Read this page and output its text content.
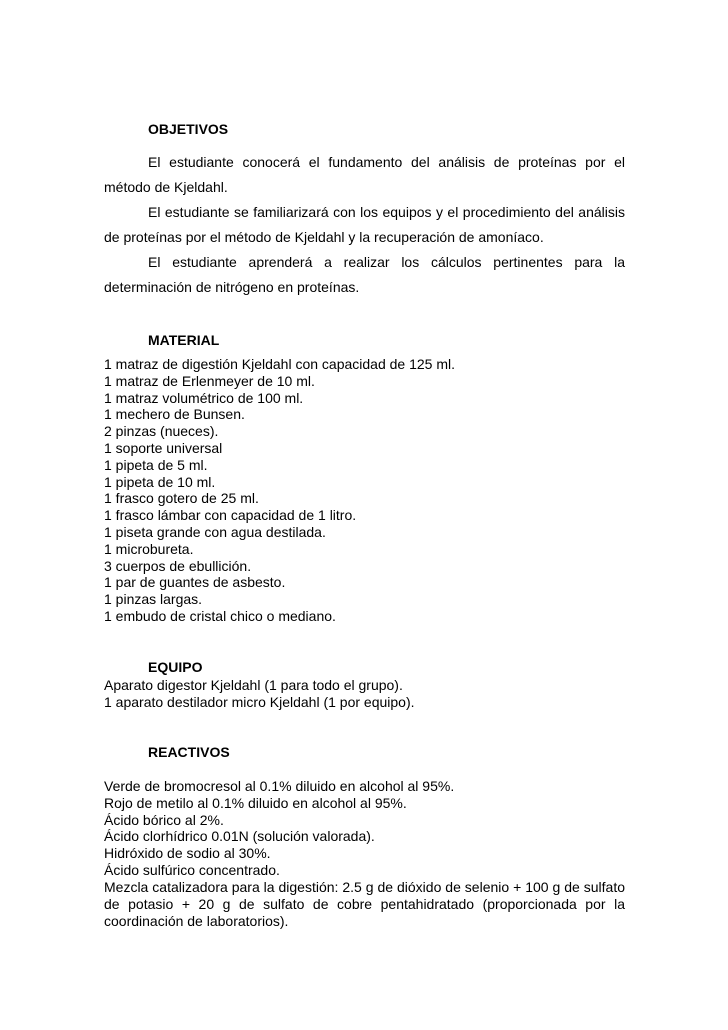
OBJETIVOS

El estudiante conocerá el fundamento del análisis de proteínas por el método de Kjeldahl.

El estudiante se familiarizará con los equipos y el procedimiento del análisis de proteínas por el método de Kjeldahl y la recuperación de amoníaco.

El estudiante aprenderá a realizar los cálculos pertinentes para la determinación de nitrógeno en proteínas.

MATERIAL
1 matraz de digestión Kjeldahl con capacidad de 125 ml.
1 matraz de Erlenmeyer de 10 ml.
1 matraz volumétrico de 100 ml.
1 mechero de Bunsen.
2 pinzas (nueces).
1 soporte universal
1 pipeta de 5 ml.
1 pipeta de 10 ml.
1 frasco gotero de 25 ml.
1 frasco lámbar con capacidad de 1 litro.
1 piseta grande con agua destilada.
1 microbureta.
3 cuerpos de ebullición.
1 par de guantes de asbesto.
1 pinzas largas.
1 embudo de cristal chico o mediano.
EQUIPO
Aparato digestor Kjeldahl (1 para todo el grupo).
1 aparato destilador micro Kjeldahl (1 por equipo).
REACTIVOS
Verde de bromocresol al 0.1% diluido en alcohol al 95%.
Rojo de metilo al 0.1% diluido en alcohol al 95%.
Ácido bórico al 2%.
Ácido clorhídrico 0.01N (solución valorada).
Hidróxido de sodio al 30%.
Ácido sulfúrico concentrado.

Mezcla catalizadora para la digestión: 2.5 g de dióxido de selenio + 100 g de sulfato de potasio + 20 g de sulfato de cobre pentahidratado (proporcionada por la coordinación de laboratorios).
